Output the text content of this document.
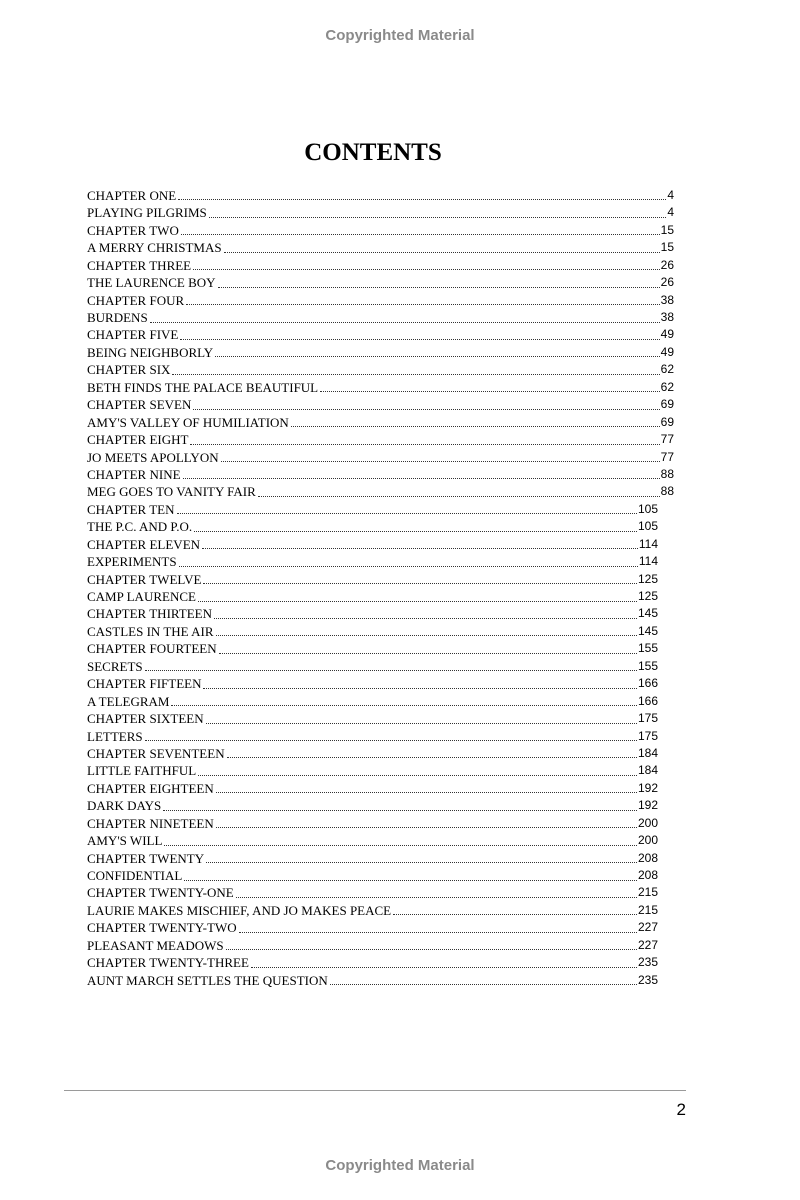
Copyrighted Material
CONTENTS
CHAPTER ONE	4
PLAYING PILGRIMS	4
CHAPTER TWO	15
A MERRY CHRISTMAS	15
CHAPTER THREE	26
THE LAURENCE BOY	26
CHAPTER FOUR	38
BURDENS	38
CHAPTER FIVE	49
BEING NEIGHBORLY	49
CHAPTER SIX	62
BETH FINDS THE PALACE BEAUTIFUL	62
CHAPTER SEVEN	69
AMY'S VALLEY OF HUMILIATION	69
CHAPTER EIGHT	77
JO MEETS APOLLYON	77
CHAPTER NINE	88
MEG GOES TO VANITY FAIR	88
CHAPTER TEN	105
THE P.C. AND P.O.	105
CHAPTER ELEVEN	114
EXPERIMENTS	114
CHAPTER TWELVE	125
CAMP LAURENCE	125
CHAPTER THIRTEEN	145
CASTLES IN THE AIR	145
CHAPTER FOURTEEN	155
SECRETS	155
CHAPTER FIFTEEN	166
A TELEGRAM	166
CHAPTER SIXTEEN	175
LETTERS	175
CHAPTER SEVENTEEN	184
LITTLE FAITHFUL	184
CHAPTER EIGHTEEN	192
DARK DAYS	192
CHAPTER NINETEEN	200
AMY'S WILL	200
CHAPTER TWENTY	208
CONFIDENTIAL	208
CHAPTER TWENTY-ONE	215
LAURIE MAKES MISCHIEF, AND JO MAKES PEACE	215
CHAPTER TWENTY-TWO	227
PLEASANT MEADOWS	227
CHAPTER TWENTY-THREE	235
AUNT MARCH SETTLES THE QUESTION	235
2
Copyrighted Material
